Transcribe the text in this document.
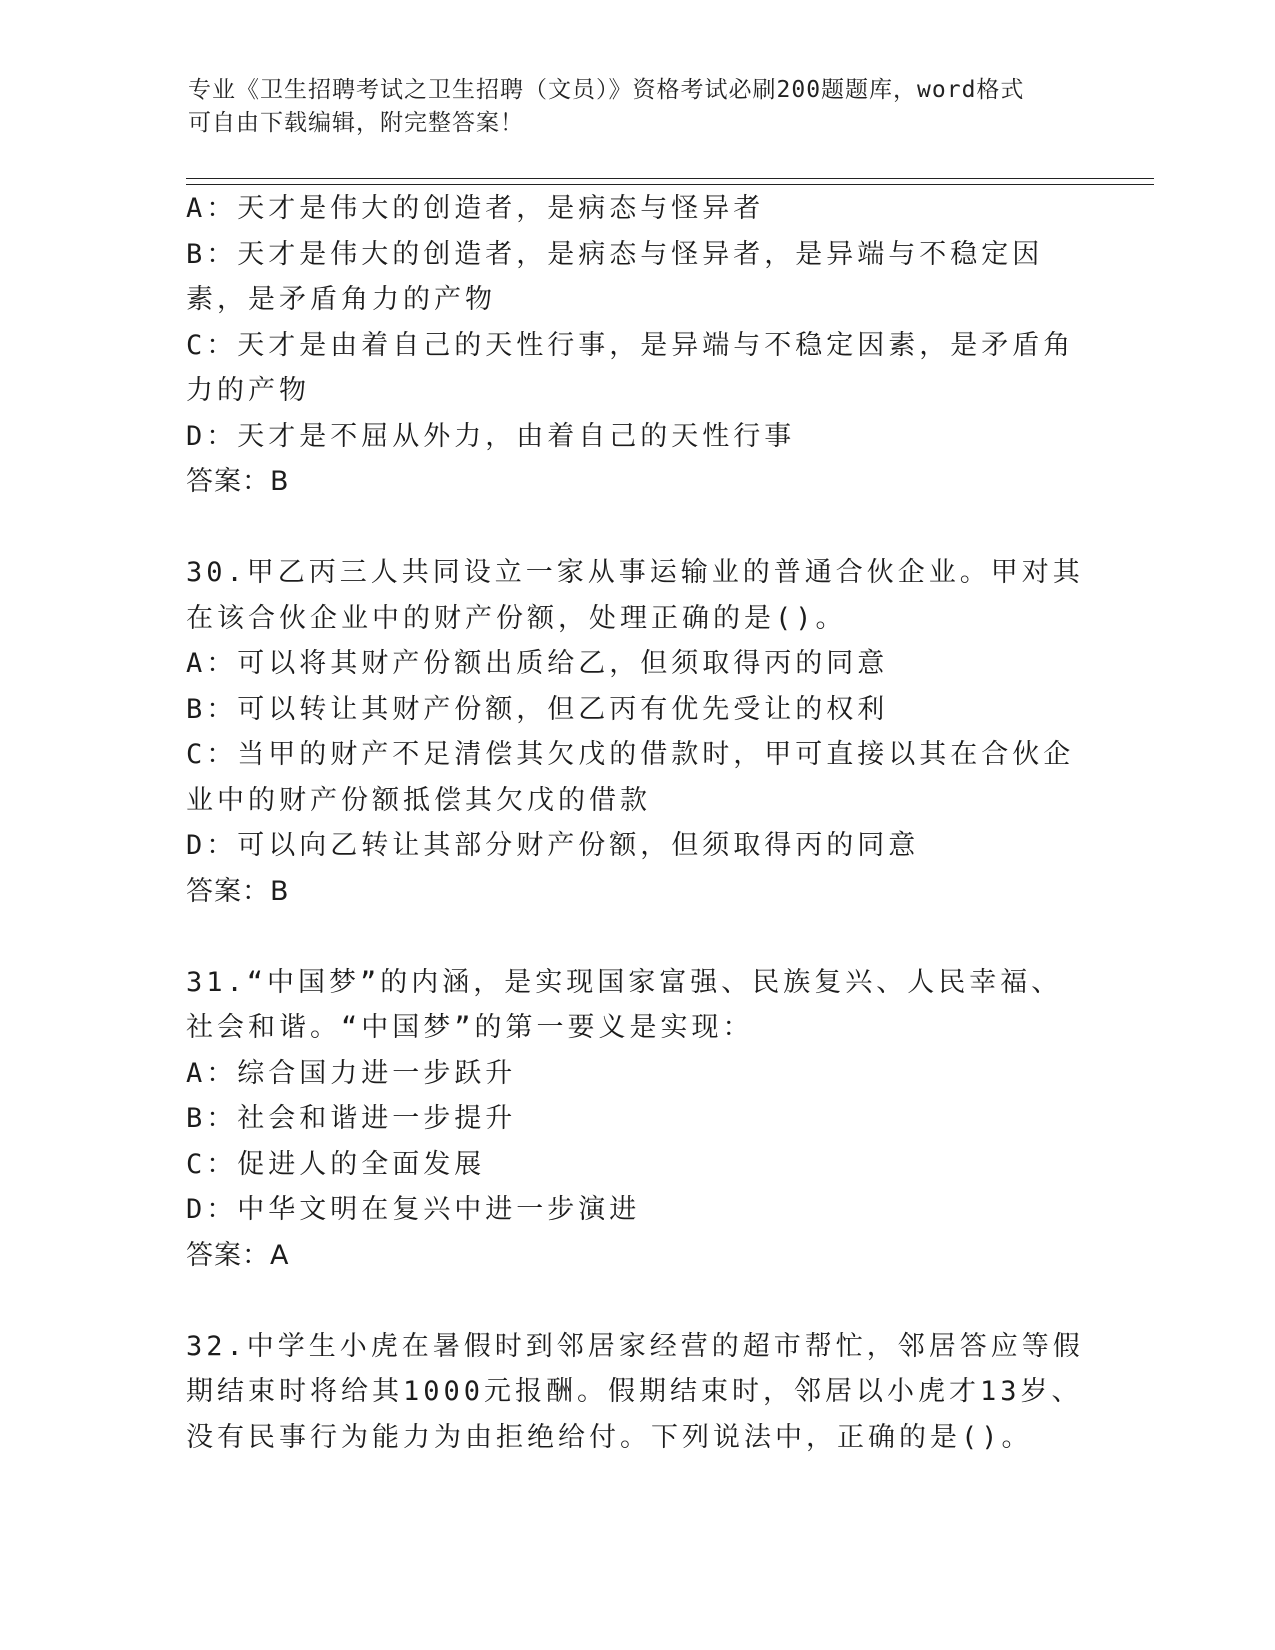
专业《卫生招聘考试之卫生招聘（文员）》资格考试必刷200题题库，word格式
可自由下载编辑，附完整答案！
A：天才是伟大的创造者，是病态与怪异者
B：天才是伟大的创造者，是病态与怪异者，是异端与不稳定因素，是矛盾角力的产物
C：天才是由着自己的天性行事，是异端与不稳定因素，是矛盾角力的产物
D：天才是不屈从外力，由着自己的天性行事
答案：B
30.甲乙丙三人共同设立一家从事运输业的普通合伙企业。甲对其在该合伙企业中的财产份额，处理正确的是()。
A：可以将其财产份额出质给乙，但须取得丙的同意
B：可以转让其财产份额，但乙丙有优先受让的权利
C：当甲的财产不足清偿其欠戊的借款时，甲可直接以其在合伙企业中的财产份额抵偿其欠戊的借款
D：可以向乙转让其部分财产份额，但须取得丙的同意
答案：B
31.“中国梦”的内涵，是实现国家富强、民族复兴、人民幸福、社会和谐。“中国梦”的第一要义是实现：
A：综合国力进一步跃升
B：社会和谐进一步提升
C：促进人的全面发展
D：中华文明在复兴中进一步演进
答案：A
32.中学生小虎在暑假时到邻居家经营的超市帮忙，邻居答应等假期结束时将给其1000元报酬。假期结束时，邻居以小虎才13岁、没有民事行为能力为由拒绝给付。下列说法中，正确的是()。
